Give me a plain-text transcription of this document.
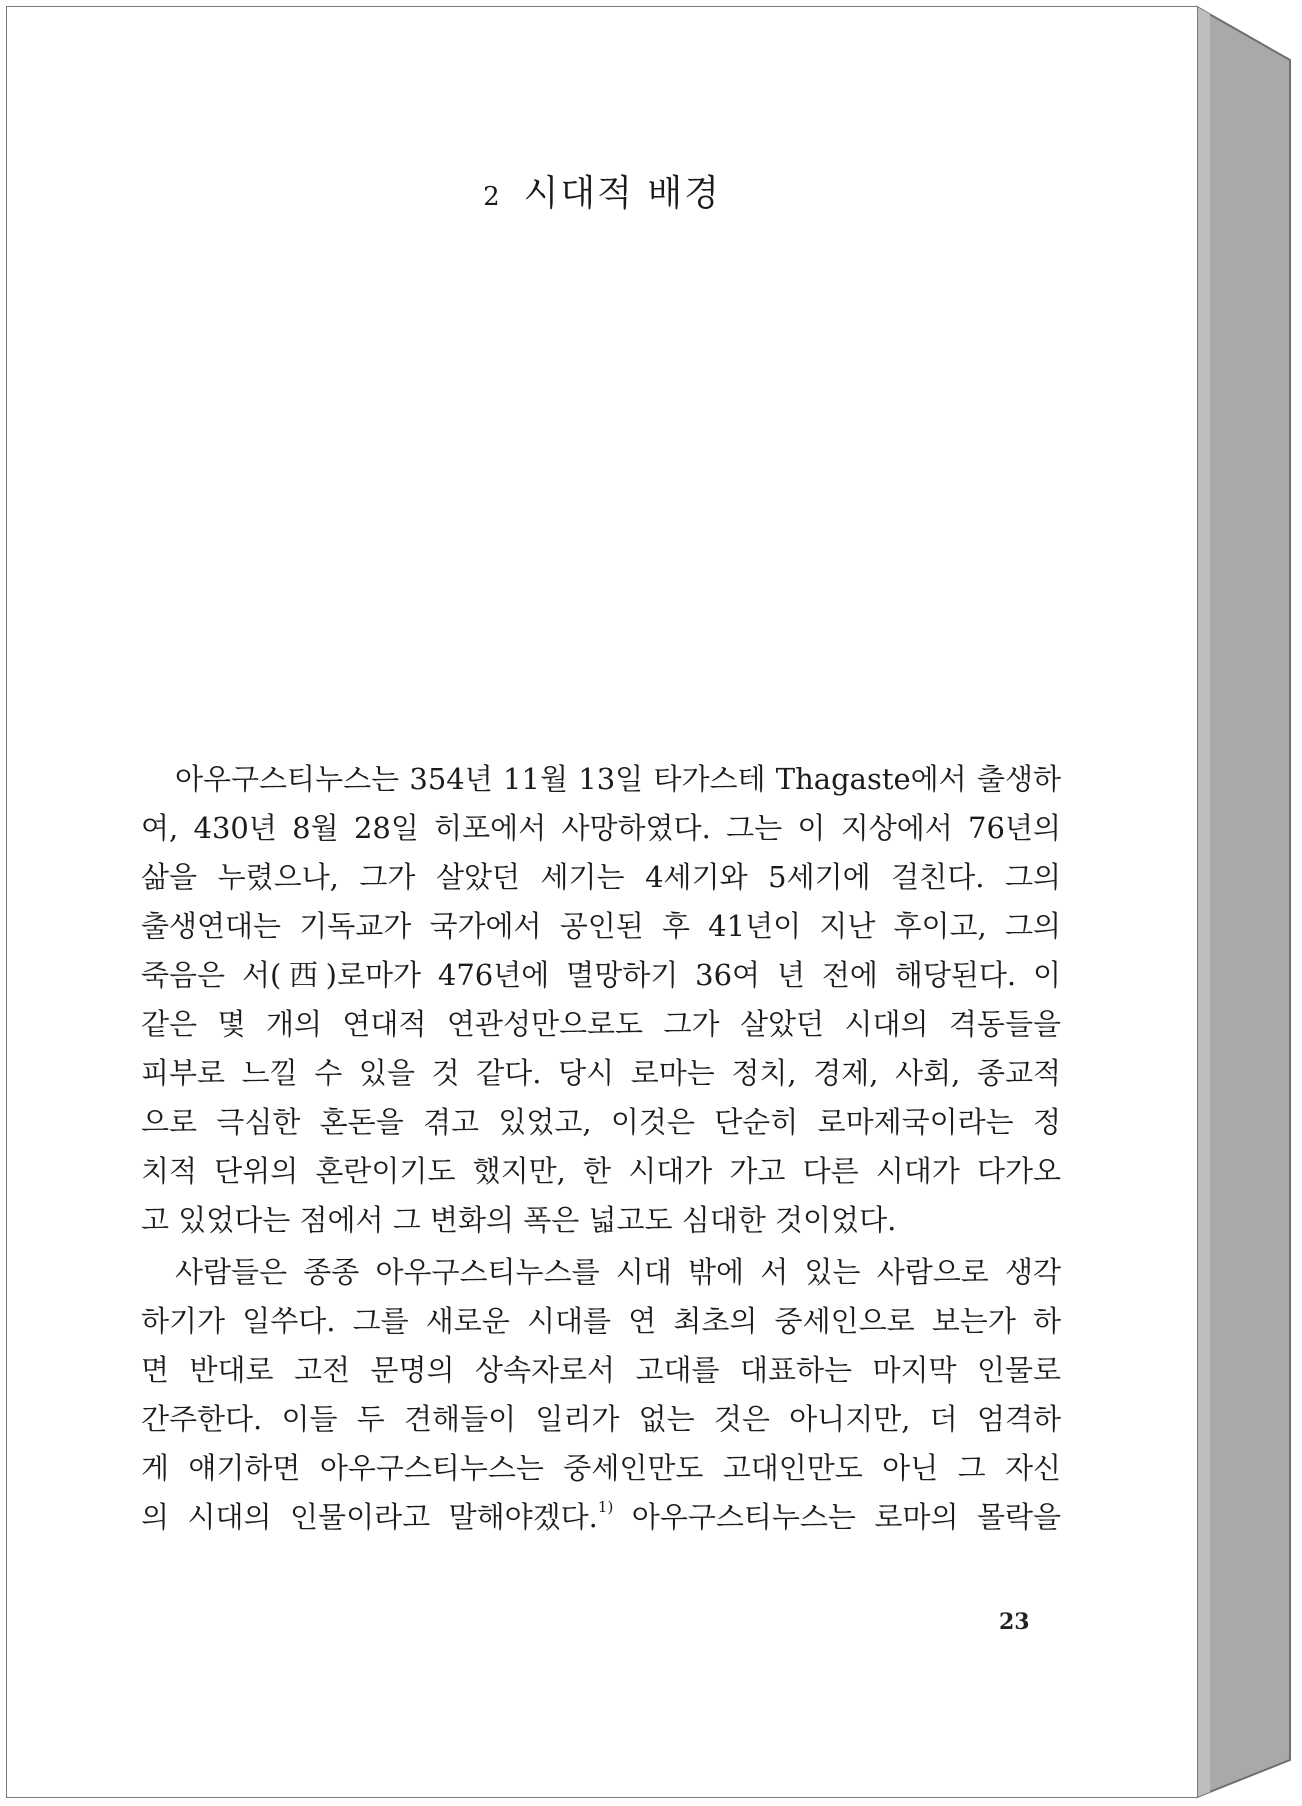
2 시대적 배경
아우구스티누스는 354년 11월 13일 타가스테 Thagaste에서 출생하
여, 430년 8월 28일 히포에서 사망하였다. 그는 이 지상에서 76년의
삶을 누렸으나, 그가 살았던 세기는 4세기와 5세기에 걸친다. 그의
출생연대는 기독교가 국가에서 공인된 후 41년이 지난 후이고, 그의
죽음은 서(西)로마가 476년에 멸망하기 36여 년 전에 해당된다. 이
같은 몇 개의 연대적 연관성만으로도 그가 살았던 시대의 격동들을
피부로 느낄 수 있을 것 같다. 당시 로마는 정치, 경제, 사회, 종교적
으로 극심한 혼돈을 겪고 있었고, 이것은 단순히 로마제국이라는 정
치적 단위의 혼란이기도 했지만, 한 시대가 가고 다른 시대가 다가오
고 있었다는 점에서 그 변화의 폭은 넓고도 심대한 것이었다.
사람들은 종종 아우구스티누스를 시대 밖에 서 있는 사람으로 생각
하기가 일쑤다. 그를 새로운 시대를 연 최초의 중세인으로 보는가 하
면 반대로 고전 문명의 상속자로서 고대를 대표하는 마지막 인물로
간주한다. 이들 두 견해들이 일리가 없는 것은 아니지만, 더 엄격하
게 얘기하면 아우구스티누스는 중세인만도 고대인만도 아닌 그 자신
의 시대의 인물이라고 말해야겠다.$^{1)}$ 아우구스티누스는 로마의 몰락을
23
